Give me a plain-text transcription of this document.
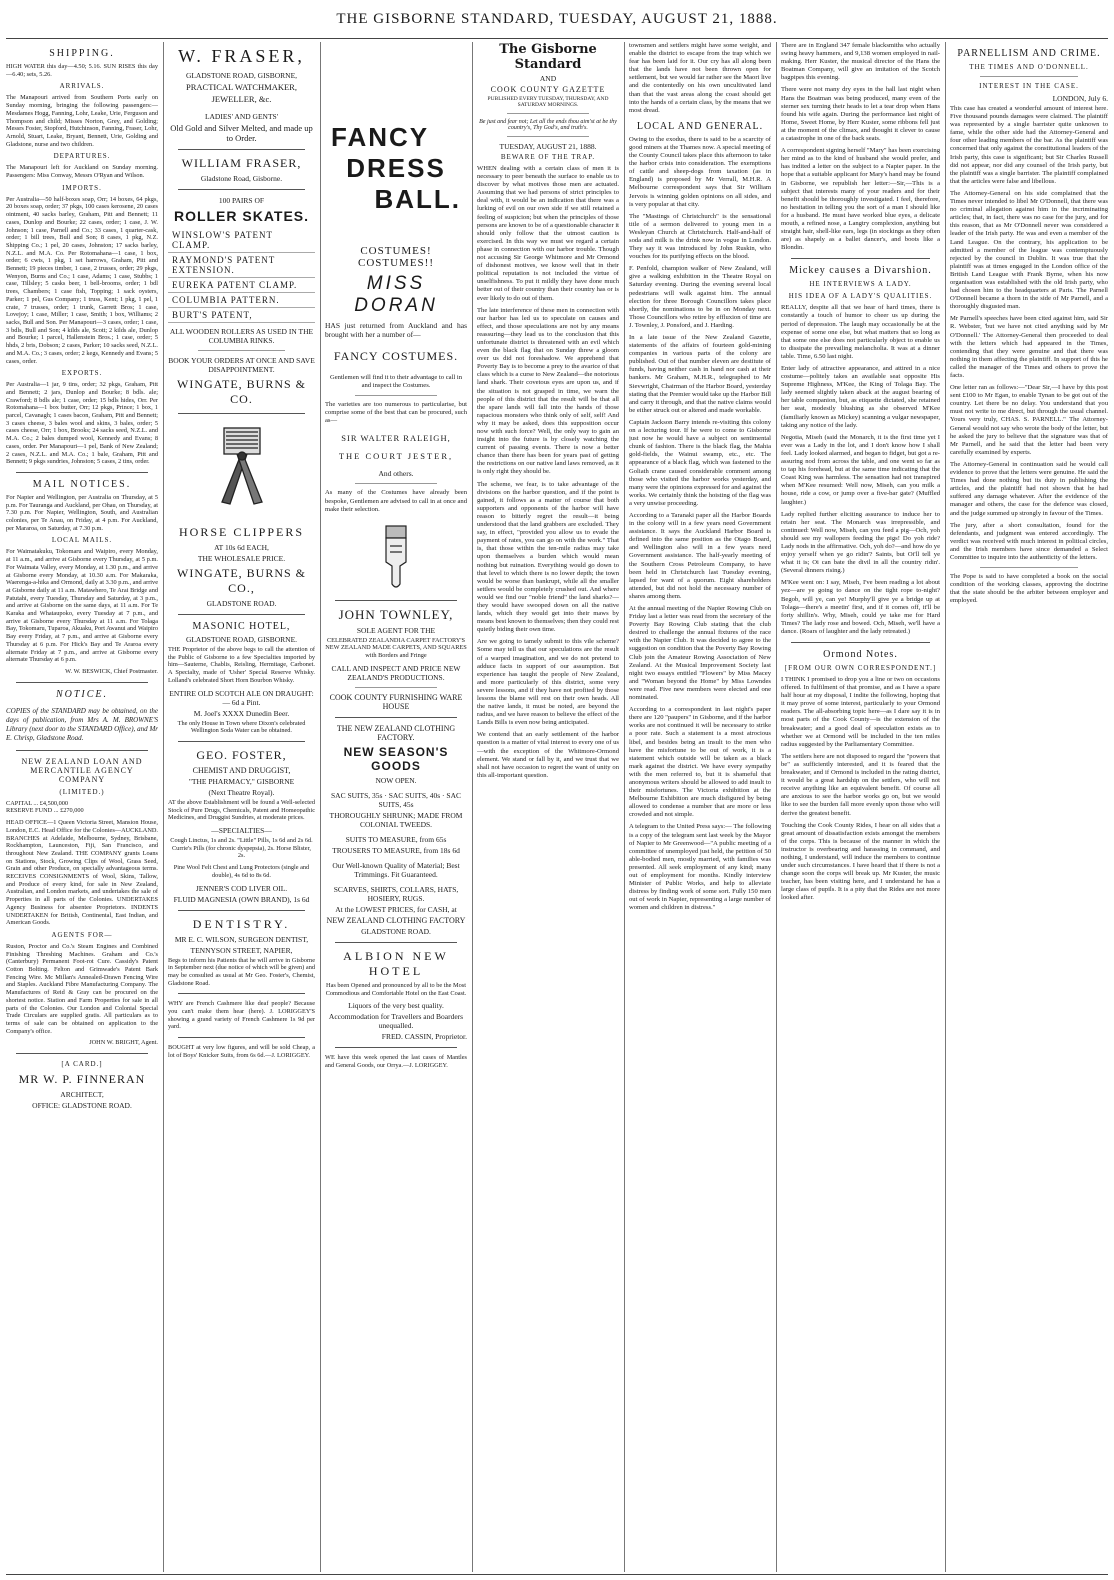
THE GISBORNE STANDARD, TUESDAY, AUGUST 21, 1888.
SHIPPING.

HIGH WATER this day—4.50; 5.16. SUN RISES this day—6.40; sets, 5.26.

ARRIVALS.

The Manapouri arrived from Southern Ports early on Sunday morning, bringing the following passengers:—Mesdames Hogg, Fanning, Lohr, Leake, Urie, Ferguson and Thompson and child; Misses Norton, Grey, and Golding; Messrs Foster, Stopford, Hutchinson, Fanning, Fraser, Lohr, Arnold, Stuart, Leake, Bryant, Bennett, Urie, Golding and Gladstone, nurse and two children.

DEPARTURES.

The Manapouri left for Auckland on Sunday morning. Passengers: Miss Conway, Messrs O'Ryan and Wilson.

IMPORTS.

Per Australia—50 half-boxes soap, Orr; 14 boxes, 64 pkgs, 20 boxes soap, order; 37 pkgs, 100 cases kerosene, 20 cases ointment, 40 sacks barley, Graham, Pitt and Bennett; 11 cases, Dunlop and Bourke; 22 cases, order; 1 case, J. W. Johnson; 1 case, Parnell and Co.; 33 cases, 1 quarter-cask, order; 1 bill trees, Bull and Son; 8 cases, 1 pkg, N.Z. Shipping Co.; 1 pel, 20 cases, Johnston; 17 sacks barley, N.Z.L. and M.A. Co. Per Rotomahana—1 case, 1 box, order; 6 cwts, 1 pkg, 1 set harrows, Graham, Pitt and Bennett; 19 pieces timber, 1 case, 2 trusses, order; 29 pkgs, Wenyon, Burns and Co.; 1 case, Adams; 1 case, Stubbs; 1 case, Tillsley; 5 casks beer, 1 bell-brooms, order; 1 bdl trees, Chambers; 1 case fish, Topping; 1 sack oysters, Parker; 1 pel, Gus Company; 1 truss, Kent; 1 pkg, 1 pel, 1 crate, 7 trusses, order; 1 trunk, Garrett Bros; 1 case, Lovejoy; 1 case, Miller; 1 case, Smith; 1 box, Williams; 2 sacks, Bull and Son. Per Manapouri—3 cases, order; 1 case, 3 bdls, Bull and Son; 4 kilds ale, Scott; 2 kilds ale, Dunlop and Bourke; 1 parcel, Hallenstein Bros.; 1 case, order; 5 hhds, 2 bris, Dobson; 2 cases, Parker; 10 sacks seed, N.Z.L. and M.A. Co.; 3 cases, order; 2 kegs, Kennedy and Evans; 5 cases, order.

EXPORTS.

Per Australia—1 jar, 9 tins, order; 32 pkgs, Graham, Pitt and Bennett; 2 jars, Dunlop and Bourke; 8 bdls. ale; Crawford; 8 bdls ale; 1 case, order; 15 bdls hides, Orr. Per Rotomahana—1 box butter, Orr; 12 pkgs, Prince; 1 box, 1 parcel, Cavanagh; 1 cases bacon, Graham, Pitt and Bennett; 3 cases cheese, 3 bales wool and skins, 3 bales, order; 5 cases cheese, Orr; 1 box, Brooks; 24 sacks seed, N.Z.L. and M.A. Co.; 2 bales dumped wool, Kennedy and Evans; 8 cases, order. Per Manapouri—1 pel, Bank of New Zealand; 2 cases, N.Z.L. and M.A. Co.; 1 bale, Graham, Pitt and Bennett; 9 pkgs sundries, Johnston; 5 cases, 2 tins, order.

MAIL NOTICES.

For Napier and Wellington, per Australia on Thursday, at 5 p.m. For Tauranga and Auckland, per Ohau, on Thursday, at 7.30 p.m. For Napier, Wellington, South, and Australian colonies, per Te Anau, on Friday, at 4 p.m. For Auckland, per Mararoa, on Saturday, at 7.30 p.m.

LOCAL MAILS.

For Waimatakuku, Tokomaru and Waipiro, every Monday, at 11 a.m., and arrive at Gisborne every Thursday, at 5 p.m. For Waimata Valley, every Monday, at 1.30 p.m., and arrive at Gisborne every Monday, at 10.30 a.m. For Makaraka, Waerenga-a-hika and Ormond, daily at 3.30 p.m., and arrive at Gisborne daily at 11 a.m. Matawhero, Te Arai Bridge and Patutahi, every Tuesday, Thursday and Saturday, at 3 p.m., and arrive at Gisborne on the same days, at 11 a.m. For Te Karaka and Whataupoko, every Tuesday at 7 p.m., and arrive at Gisborne every Thursday at 11 a.m. For Tolaga Bay, Tokomaru, Tuparoa, Akuaku, Port Awanui and Waipiro Bay every Friday, at 7 p.m., and arrive at Gisborne every Thursday at 6 p.m. For Hick's Bay and Te Araroa every alternate Friday at 7 p.m., and arrive at Gisborne every alternate Thursday at 6 p.m.

W. W. BESWICK, Chief Postmaster.

NOTICE.

COPIES of the STANDARD may be obtained, on the days of publication, from Mrs A. M. BROWNE'S Library (next door to the STANDARD Office), and Mr E. Chrisp, Gladstone Road.

NEW ZEALAND LOAN AND MERCANTILE AGENCY COMPANY
(LIMITED.)

CAPITAL ... £4,500,000

RESERVE FUND ... £270,000

HEAD OFFICE—1 Queen Victoria Street, Mansion House, London, E.C. Head Office for the Colonies—AUCKLAND. BRANCHES at Adelaide, Melbourne, Sydney, Brisbane, Rockhampton, Launceston, Fiji, San Francisco, and throughout New Zealand. THE COMPANY grants Loans on Stations, Stock, Growing Clips of Wool, Grass Seed, Grain and other Produce, on specially advantageous terms. RECEIVES CONSIGNMENTS of Wool, Skins, Tallow, and Produce of every kind, for sale in New Zealand, Australian, and London markets, and undertakes the sale of Properties in all parts of the Colonies. UNDERTAKES Agency Business for absentee Proprietors. INDENTS UNDERTAKEN for British, Continental, East Indian, and American Goods.

AGENTS FOR—

Ruston, Proctor and Co.'s Steam Engines and Combined Finishing Threshing Machines. Graham and Co.'s (Canterbury) Permanent Foot-rot Cure. Cassidy's Patent Cotton Bolting. Felton and Grimwade's Patent Bark Fencing Wire. Mc Millan's Annealed-Drawn Fencing Wire and Staples. Auckland Fibre Manufacturing Company. The Manufactures of Reid & Gray can be procured on the shortest notice. Station and Farm Properties for sale in all parts of the Colonies. Our London and Colonial Special Trade Circulars are supplied gratis. All particulars as to terms of sale can be obtained on application to the Company's office.

JOHN W. BRIGHT, Agent.

[A CARD.]
MR W. P. FINNERAN
ARCHITECT,
OFFICE: GLADSTONE ROAD.
W. FRASER,
GLADSTONE ROAD, GISBORNE,
PRACTICAL WATCHMAKER,
JEWELLER, &c.
LADIES' AND GENTS'
Old Gold and Silver Melted, and made up to Order.
WILLIAM FRASER,
Gladstone Road, Gisborne.
100 PAIRS OF
ROLLER SKATES.
WINSLOW'S PATENT CLAMP.
RAYMOND'S PATENT EXTENSION.
EUREKA PATENT CLAMP.
COLUMBIA PATTERN.
BURT'S PATENT,
ALL WOODEN ROLLERS AS USED IN THE COLUMBIA RINKS.
BOOK YOUR ORDERS AT ONCE AND SAVE DISAPPOINTMENT.
WINGATE, BURNS & CO.
HORSE CLIPPERS
AT 10s 6d EACH,
THE WHOLESALE PRICE.
WINGATE, BURNS & CO.,
GLADSTONE ROAD.
MASONIC HOTEL,
GLADSTONE ROAD, GISBORNE.

THE Proprietor of the above begs to call the attention of the Public of Gisborne to a few Specialties imported by him—Sauterne, Chablis, Reisling, Hermitage, Carbonet. A Specialty, made of 'Usher' Special Reserve Whisky. Lolland's celebrated Short Horn Bourbon Whisky.

ENTIRE OLD SCOTCH ALE ON DRAUGHT:— 6d a Pint.
M. Joel's XXXX Dunedin Beer.

The only House in Town where Dixon's celebrated Wellington Soda Water can be obtained.

GEO. FOSTER,
CHEMIST AND DRUGGIST,
"THE PHARMACY," GISBORNE
(Next Theatre Royal).

AT the above Establishment will be found a Well-selected Stock of Pure Drugs, Chemicals, Patent and Homeopathic Medicines, and Druggist Sundries, at moderate prices.

—SPECIALTIES—

Cough Linctus, 1s and 2s. "Little" Pills, 1s 6d and 2s 6d. Currie's Pills (for chronic dyspepsia), 2s. Horse Blister, 2s.

Pine Wool Felt Chest and Lung Protectors (single and double), 4s 6d to 8s 6d.

JENNER'S COD LIVER OIL.
FLUID MAGNESIA (OWN BRAND), 1s 6d
DENTISTRY.
MR E. C. WILSON, SURGEON DENTIST,
TENNYSON STREET, NAPIER,

Begs to inform his Patients that he will arrive in Gisborne in September next (due notice of which will be given) and may be consulted as usual at Mr Geo. Foster's, Chemist, Gladstone Road.

WHY are French Cashmere like deaf people? Because you can't make them hear (here). J. LORIGGEY'S showing a grand variety of French Cashmere 1s 9d per yard.

BOUGHT at very low figures, and will be sold Cheap, a lot of Boys' Knicker Suits, from 6s 6d.—J. LORIGGEY.

FANCY
DRESS
BALL.
COSTUMES! COSTUMES!!
MISS DORAN

HAS just returned from Auckland and has brought with her a number of—

FANCY COSTUMES.

Gentlemen will find it to their advantage to call in and inspect the Costumes.

The varieties are too numerous to particularise, but comprise some of the best that can be procured, such as—

SIR WALTER RALEIGH,
THE COURT JESTER,
And others.

As many of the Costumes have already been bespoke, Gentlemen are advised to call in at once and make their selection.

JOHN TOWNLEY,
SOLE AGENT FOR THE

CELEBRATED ZEALANDIA CARPET FACTORY'S NEW ZEALAND MADE CARPETS, AND SQUARES with Borders and Fringe

CALL AND INSPECT AND PRICE NEW ZEALAND'S PRODUCTIONS.
COOK COUNTY FURNISHING WARE HOUSE
THE NEW ZEALAND CLOTHING FACTORY.
NEW SEASON'S GOODS
NOW OPEN.
SAC SUITS, 35s · SAC SUITS, 40s · SAC SUITS, 45s
THOROUGHLY SHRUNK; MADE FROM COLONIAL TWEEDS.
SUITS TO MEASURE, from 65s
TROUSERS TO MEASURE, from 18s 6d
Our Well-known Quality of Material; Best Trimmings. Fit Guaranteed.
SCARVES, SHIRTS, COLLARS, HATS, HOSIERY, RUGS.
At the LOWEST PRICES, for CASH, at
NEW ZEALAND CLOTHING FACTORY
GLADSTONE ROAD.
ALBION NEW HOTEL

Has been Opened and pronounced by all to be the Most Commodious and Comfortable Hotel on the East Coast.

Liquors of the very best quality.
Accommodation for Travellers and Boarders unequalled.
FRED. CASSIN, Proprietor.

WE have this week opened the last cases of Mantles and General Goods, our Orrya.—J. LORIGGEY.

The Gisborne Standard
AND
COOK COUNTY GAZETTE
PUBLISHED EVERY TUESDAY, THURSDAY, AND SATURDAY MORNINGS.
Be just and fear not; Let all the ends thou aim'st at be thy country's, Thy God's, and truth's.
TUESDAY, AUGUST 21, 1888.
BEWARE OF THE TRAP.

WHEN dealing with a certain class of men it is necessary to peer beneath the surface to enable us to discover by what motives those men are actuated. Assuming that we had persons of strict principles to deal with, it would be an indication that there was a lurking of evil on our own side if we still retained a feeling of suspicion; but when the principles of those persons are known to be of a questionable character it should only follow that the utmost caution is exercised. In this way we must we regard a certain phase in connection with our harbor trouble. Though not accusing Sir George Whitmore and Mr Ormond of dishonest motives, we know well that in their political reputation is not included the virtue of unselfishness. To put it mildly they have done much better out of their country than their country has or is ever likely to do out of them.

The late interference of these men in connection with our harbor has led us to speculate on causes and effect, and those speculations are not by any means reassuring—they lead us to the conclusion that this unfortunate district is threatened with an evil which even the black flag that on Sunday threw a gloom over us did not foreshadow. We apprehend that Poverty Bay is to become a prey to the avarice of that class which is a curse to New Zealand—the notorious land shark. Their covetous eyes are upon us, and if the situation is not grasped in time, we warn the people of this district that the result will be that all the spare lands will fall into the hands of those rapacious monsters who think only of self, self! And why it may be asked, does this supposition occur now with such force? Well, the only way to gain an insight into the future is by closely watching the current of passing events. There is now a better chance than there has been for years past of getting the restrictions on our native land laws removed, as it is only right they should be.

The scheme, we fear, is to take advantage of the divisions on the harbor question, and if the point is gained, it follows as a matter of course that both supporters and opponents of the harbor will have reason to bitterly regret the result—it being understood that the land grabbers are excluded. They say, in effect, "provided you allow us to evade the payment of rates, you can go on with the work." That is, that those within the ten-mile radius may take upon themselves a burden which would mean nothing but ruination. Everything would go down to that level to which there is no lower depth; the town would be worse than bankrupt, while all the smaller settlers would be completely crushed out. And where would we find our "noble friend" the land sharks?—they would have swooped down on all the native lands, which they would get into their maws by means best known to themselves; then they could rest quietly biding their own time.

Are we going to tamely submit to this vile scheme? Some may tell us that our speculations are the result of a warped imagination, and we do not pretend to adduce facts in support of our assumption. But experience has taught the people of New Zealand, and more particularly of this district, some very severe lessons, and if they have not profited by those lessons the blame will rest on their own heads. All the native lands, it must be noted, are beyond the radius, and we have reason to believe the effect of the Lands Bills is even now being anticipated.

We contend that an early settlement of the harbor question is a matter of vital interest to every one of us—with the exception of the Whitmore-Ormond element. We stand or fall by it, and we trust that we shall not have occasion to regret the want of unity on this all-important question.

townsmen and settlers might have some weight, and enable the district to escape from the trap which we fear has been laid for it. Our cry has all along been that the lands have not been thrown open for settlement, but we would far rather see the Maori live and die contentedly on his own uncultivated land than that the vast areas along the coast should get into the hands of a certain class, by the means that we most dread.

LOCAL AND GENERAL.

Owing to the exodus, there is said to be a scarcity of good miners at the Thames now. A special meeting of the County Council takes place this afternoon to take the harbor crisis into consideration. The exemptions of cattle and sheep-dogs from taxation (as in England) is proposed by Mr Verrall, M.H.R. A Melbourne correspondent says that Sir William Jervois is winning golden opinions on all sides, and is very popular at that city.

The "Mastings of Christchurch" is the sensational title of a sermon delivered to young men in a Wesleyan Church at Christchurch. Half-and-half of soda and milk is the drink now in vogue in London. They say it was introduced by John Ruskin, who vouches for its purifying effects on the blood.

F. Penfold, champion walker of New Zealand, will give a walking exhibition in the Theatre Royal on Saturday evening. During the evening several local pedestrians will walk against him. The annual election for three Borough Councillors takes place shortly, the nominations to be in on Monday next. Those Councillors who retire by effluxion of time are J. Townley, J. Ponsford, and J. Harding.

In a late issue of the New Zealand Gazette, statements of the affairs of fourteen gold-mining companies in various parts of the colony are published. Out of that number eleven are destitute of funds, having neither cash in hand nor cash at their bankers. Mr Graham, M.H.R., telegraphed to Mr Sievwright, Chairman of the Harbor Board, yesterday stating that the Premier would take up the Harbor Bill and carry it through, and that the native claims would be either struck out or altered and made workable.

Captain Jackson Barry intends re-visiting this colony on a lecturing tour. If he were to come to Gisborne just now he would have a subject on sentimental chunk of fashion. There is the black flag, the Mahia gold-fields, the Wainui swamp, etc., etc. The appearance of a black flag, which was fastened to the Goliath crane caused considerable comment among those who visited the harbor works yesterday, and many were the opinions expressed for and against the works. We certainly think the hoisting of the flag was a very unwise proceeding.

According to a Taranaki paper all the Harbor Boards in the colony will in a few years need Government assistance. It says the Auckland Harbor Board is defined into the same position as the Otago Board, and Wellington also will in a few years need Government assistance. The half-yearly meeting of the Southern Cross Petroleum Company, to have been held in Christchurch last Tuesday evening, lapsed for want of a quorum. Eight shareholders attended, but did not hold the necessary number of shares among them.

At the annual meeting of the Napier Rowing Club on Friday last a letter was read from the secretary of the Poverty Bay Rowing Club stating that the club desired to challenge the annual fixtures of the race with the Napier Club. It was decided to agree to the suggestion on condition that the Poverty Bay Rowing Club join the Amateur Rowing Association of New Zealand. At the Musical Improvement Society last night two essays entitled "Flowers" by Miss Macey and "Woman beyond the Home" by Miss Lowndes were read. Five new members were elected and one nominated.

According to a correspondent in last night's paper there are 120 "paupers" in Gisborne, and if the harbor works are not continued it will be necessary to strike a poor rate. Such a statement is a most atrocious libel, and besides being an insult to the men who have the misfortune to be out of work, it is a statement which outside will be taken as a black mark against the district. We have every sympathy with the men referred to, but it is shameful that anonymous writers should be allowed to add insult to their misfortunes. The Victoria exhibition at the Melbourne Exhibition are much disfigured by being allowed to condense a number that are more or less crowded and not simple.

A telegram to the United Press says:— The following is a copy of the telegram sent last week by the Mayor of Napier to Mr Greenwood—"A public meeting of a committee of unemployed just held, the petition of 50 able-bodied men, mostly married, with families was presented. All seek employment of any kind; many out of employment for months. Kindly interview Minister of Public Works, and help to alleviate distress by finding work of some sort. Fully 150 men out of work in Napier, representing a large number of women and children in distress."

There are in England 347 female blacksmiths who actually swing heavy hammers, and 9,138 women employed in nail-making. Herr Kuster, the musical director of the Hans the Boatman Company, will give an imitation of the Scotch bagpipes this evening.

There were not many dry eyes in the hall last night when Hans the Boatman was being produced, many even of the sterner sex turning their heads to let a tear drop when Hans found his wife again. During the performance last night of Home, Sweet Home, by Herr Kuster, some ribbons fell just at the moment of the climax, and thought it clever to cause a catastrophe in one of the back seats.

A correspondent signing herself "Mary" has been exercising her mind as to the kind of husband she would prefer, and has indited a letter on the subject to a Napier paper. In the hope that a suitable applicant for Mary's hand may be found in Gisborne, we republish her letter:—Sir,—This is a subject that interests many of your readers and for their benefit should be thoroughly investigated. I feel, therefore, no hesitation in telling you the sort of a man I should like for a husband. He must have worked blue eyes, a delicate mouth, a refined nose, a Langtry complexion, anything but straight hair, shell-like ears, legs (in stockings as they often are) as shapely as a ballet dancer's, and boots like a Blondin.

Mickey causes a Divarshion.
HE INTERVIEWS A LADY.
HIS IDEA OF A LADY'S QUALITIES.

REALLY, despite all that we hear of hard times, there is constantly a touch of humor to cheer us up during the period of depression. The laugh may occasionally be at the expense of some one else, but what matters that so long as that some one else does not particularly object to enable us to dissipate the prevailing melancholia. It was at a dinner table. Time, 6.50 last night.

Enter lady of attractive appearance, and attired in a nice costume—politely takes an available seat opposite His Supreme Highness, M'Kee, the King of Tolaga Bay. The lady seemed slightly taken aback at the august bearing of her table companion, but, as etiquette dictated, she retained her seat, modestly blushing as she observed M'Kee (familiarly known as Mickey) scanning a vulgar newspaper, taking any notice of the lady.

Negotia, Miseh (said the Monarch, it is the first time yet I ever was a Lady in the lot, and I don't know how I shall feel. Lady looked alarmed, and began to fidget, but got a re-assuring nod from across the table, and one went so far as to tap his forehead, but at the same time indicating that the Coast King was harmless. The sensation had not transpired when M'Kee resumed: Well now, Miseh, can you milk a house, ride a cow, or jump over a five-bar gate? (Muffled laughter.)

Lady replied further eliciting assurance to induce her to retain her seat. The Monarch was irrepressible, and continued: Well now, Miseh, can you feed a pig—Och, yoh should see my wallopers feeding the pigs! Do yoh ride? Lady nods in the affirmative. Och, yoh do?—and how do ye enjoy yerself when ye go ridin'? Saints, but Oi'll tell ye what it is; Oi can bate the divil in all the country ridin'. (Several dinners rising.)

M'Kee went on: I say, Miseh, I've been reading a lot about yez—are ye going to dance on the tight rope to-night? Begob, will ye, can ye! Murphy'll give ye a bridge up at Tolaga—there's a meetin' first, and if it comes off, it'll be forty shillin's. Why, Miseh, could ye take me for Hard Times? The lady rose and bowed. Och, Miseh, we'll have a dance. (Roars of laughter and the lady retreated.)

Ormond Notes.
[FROM OUR OWN CORRESPONDENT.]

I THINK I promised to drop you a line or two on occasions offered. In fulfilment of that promise, and as I have a spare half hour at my disposal, I indite the following, hoping that it may prove of some interest, particularly to your Ormond readers. The all-absorbing topic here—as I dare say it is in most parts of the Cook County—is the extension of the breakwater; and a good deal of speculation exists as to whether we at Ormond will be included in the ten miles radius suggested by the Parliamentary Committee.

The settlers here are not disposed to regard the "powers that be" as sufficiently interested, and it is feared that the breakwater, and if Ormond is included in the rating district, it would be a great hardship on the settlers, who will not receive anything like an equivalent benefit. Of course all are anxious to see the harbor works go on, but we would like to see the burden fall more evenly upon those who will derive the greatest benefit.

Touching the Cook County Rides, I hear on all sides that a great amount of dissatisfaction exists amongst the members of the corps. This is because of the manner in which the instructor is overbearing and harassing in command, and nothing, I understand, will induce the members to continue under such circumstances. I have heard that if there is not a change soon the corps will break up. Mr Kuster, the music teacher, has been visiting here, and I understand he has a large class of pupils. It is a pity that the Rides are not more looked after.

PARNELLISM AND CRIME.
THE TIMES AND O'DONNELL.
INTEREST IN THE CASE.
LONDON, July 6.

This case has created a wonderful amount of interest here. Five thousand pounds damages were claimed. The plaintiff was represented by a single barrister quite unknown to fame, while the other side had the Attorney-General and four other leading members of the bar. As the plaintiff was concerned that only against the constitutional leaders of the Irish party, this case is significant; but Sir Charles Russell did not appear, nor did any counsel of the Irish party, but the plaintiff was a single barrister. The plaintiff complained that the articles were false and libellous.

The Attorney-General on his side complained that the Times never intended to libel Mr O'Donnell, that there was no criminal allegation against him in the incriminating articles; that, in fact, there was no case for the jury, and for this reason, that as Mr O'Donnell never was considered a leader of the Irish party. He was and even a member of the Land League. On the contrary, his application to be admitted a member of the league was contemptuously rejected by the council in Dublin. It was true that the plaintiff was at times engaged in the London office of the British Land League with Frank Byrne, when his now organisation was established with the old Irish party, who had chosen him to the headquarters at Paris. The Parnell O'Donnell became a thorn in the side of Mr Parnell, and a thoroughly disgusted man.

Mr Parnell's speeches have been cited against him, said Sir R. Webster, 'but we have not cited anything said by Mr O'Donnell.' The Attorney-General then proceeded to deal with the letters which had appeared in the Times, contending that they were genuine and that there was nothing in them affecting the plaintiff. In support of this he called the manager of the Times and others to prove the facts.

One letter ran as follows:—"Dear Sir,—I have by this post sent £100 to Mr Egan, to enable Tynan to be got out of the country. Let there be no delay. You understand that you must not write to me direct, but through the usual channel. Yours very truly, CHAS. S. PARNELL." The Attorney-General would not say who wrote the body of the letter, but he asked the jury to believe that the signature was that of Mr Parnell, and he said that the letter had been very carefully examined by experts.

The Attorney-General in continuation said he would call evidence to prove that the letters were genuine. He said the Times had done nothing but its duty in publishing the articles, and the plaintiff had not shown that he had suffered any damage whatever. After the evidence of the manager and others, the case for the defence was closed, and the judge summed up strongly in favour of the Times.

The jury, after a short consultation, found for the defendants, and judgment was entered accordingly. The verdict was received with much interest in political circles, and the Irish members have since demanded a Select Committee to inquire into the authenticity of the letters.

The Pope is said to have completed a book on the social condition of the working classes, approving the doctrine that the state should be the arbiter between employer and employed.
